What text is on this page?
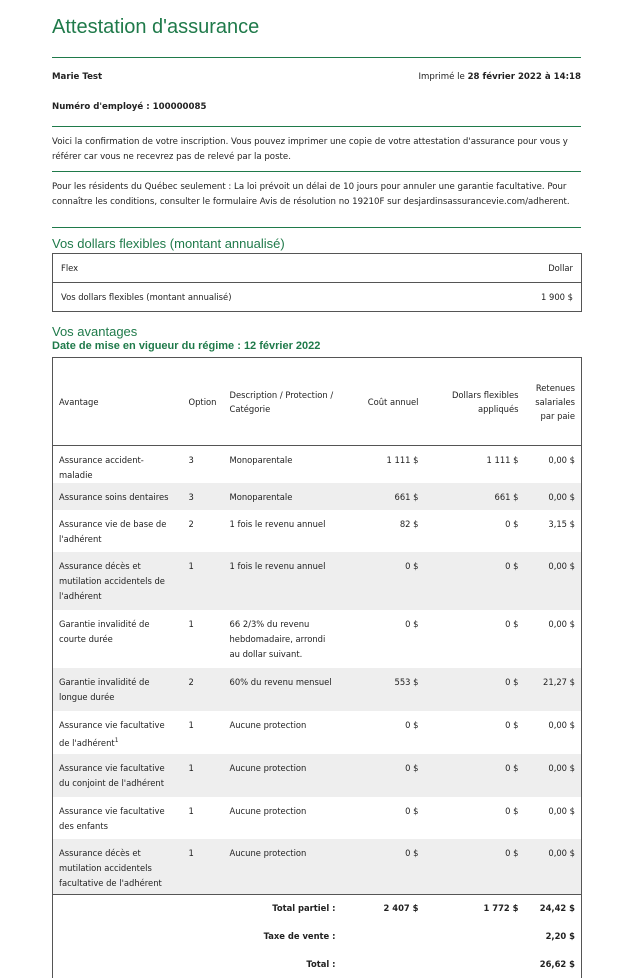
Attestation d'assurance
Marie Test	Imprimé le 28 février 2022 à 14:18
Numéro d'employé : 100000085
Voici la confirmation de votre inscription. Vous pouvez imprimer une copie de votre attestation d'assurance pour vous y référer car vous ne recevrez pas de relevé par la poste.
Pour les résidents du Québec seulement : La loi prévoit un délai de 10 jours pour annuler une garantie facultative. Pour connaître les conditions, consulter le formulaire Avis de résolution no 19210F sur desjardinsassurancevie.com/adherent.
Vos dollars flexibles (montant annualisé)
Flex	Dollar
Vos dollars flexibles (montant annualisé)	1 900 $
Vos avantages
Date de mise en vigueur du régime : 12 février 2022
Avantage	Option	Description / Protection / Catégorie	Coût annuel	Dollars flexibles appliqués	Retenues salariales par paie
Assurance accident-maladie	3	Monoparentale	1 111 $	1 111 $	0,00 $
Assurance soins dentaires	3	Monoparentale	661 $	661 $	0,00 $
Assurance vie de base de l'adhérent	2	1 fois le revenu annuel	82 $	0 $	3,15 $
Assurance décès et mutilation accidentels de l'adhérent	1	1 fois le revenu annuel	0 $	0 $	0,00 $
Garantie invalidité de courte durée	1	66 2/3% du revenu hebdomadaire, arrondi au dollar suivant.	0 $	0 $	0,00 $
Garantie invalidité de longue durée	2	60% du revenu mensuel	553 $	0 $	21,27 $
Assurance vie facultative de l'adhérent$^1$	1	Aucune protection	0 $	0 $	0,00 $
Assurance vie facultative du conjoint de l'adhérent	1	Aucune protection	0 $	0 $	0,00 $
Assurance vie facultative des enfants	1	Aucune protection	0 $	0 $	0,00 $
Assurance décès et mutilation accidentels facultative de l'adhérent	1	Aucune protection	0 $	0 $	0,00 $
Total partiel :			2 407 $	1 772 $	24,42 $
Taxe de vente :					2,20 $
Total :					26,62 $
